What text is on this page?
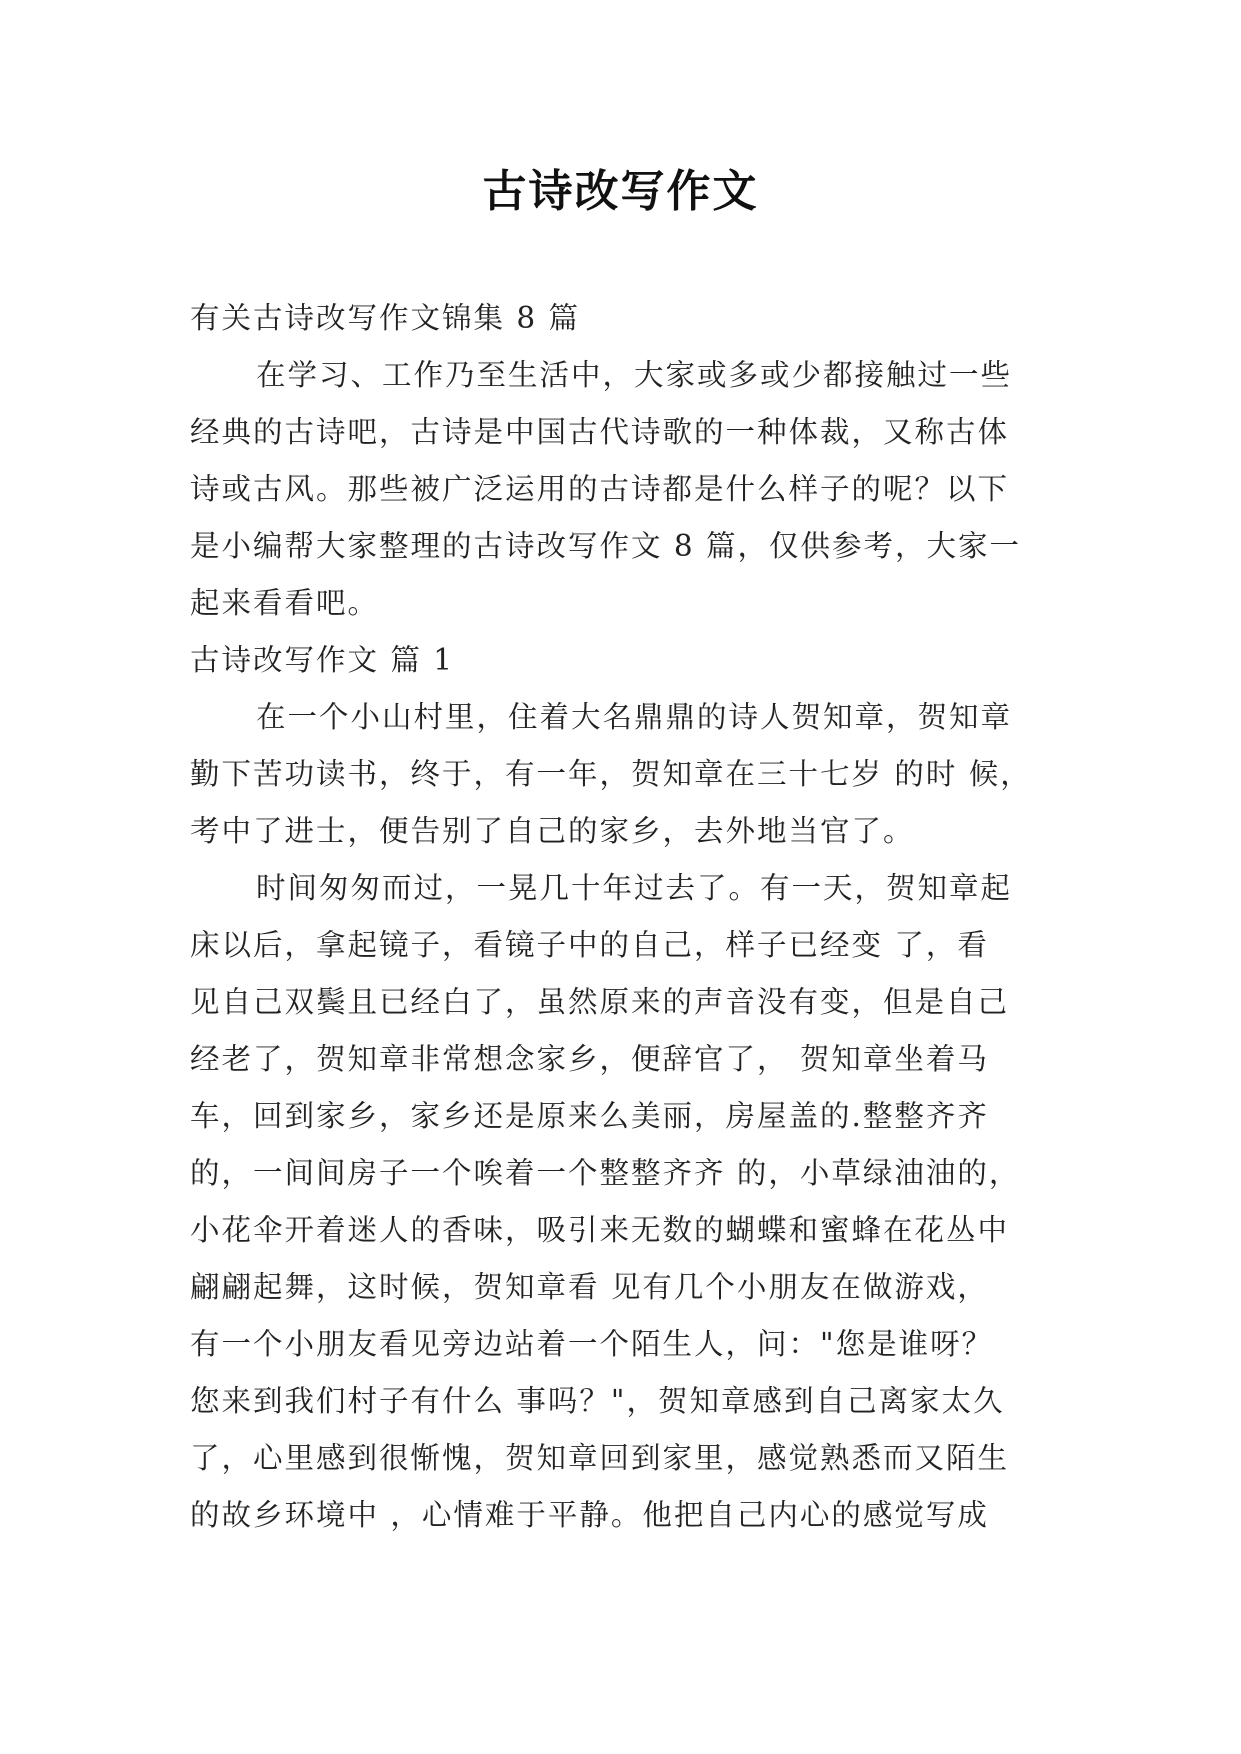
古诗改写作文
有关古诗改写作文锦集 8 篇
在学习、工作乃至生活中，大家或多或少都接触过一些
经典的古诗吧，古诗是中国古代诗歌的一种体裁，又称古体
诗或古风。那些被广泛运用的古诗都是什么样子的呢？以下
是小编帮大家整理的古诗改写作文 8 篇，仅供参考，大家一
起来看看吧。
古诗改写作文 篇 1
在一个小山村里，住着大名鼎鼎的诗人贺知章，贺知章
勤下苦功读书，终于，有一年，贺知章在三十七岁 的时 候，
考中了进士，便告别了自己的家乡，去外地当官了。
时间匆匆而过，一晃几十年过去了。有一天，贺知章起
床以后，拿起镜子，看镜子中的自己，样子已经变 了，看
见自己双鬓且已经白了，虽然原来的声音没有变，但是自己
经老了，贺知章非常想念家乡，便辞官了， 贺知章坐着马
车，回到家乡，家乡还是原来么美丽，房屋盖的.整整齐齐
的，一间间房子一个唉着一个整整齐齐 的，小草绿油油的，
小花伞开着迷人的香味，吸引来无数的蝴蝶和蜜蜂在花丛中
翩翩起舞，这时候，贺知章看 见有几个小朋友在做游戏，
有一个小朋友看见旁边站着一个陌生人，问："您是谁呀？
您来到我们村子有什么 事吗？"，贺知章感到自己离家太久
了，心里感到很惭愧，贺知章回到家里，感觉熟悉而又陌生
的故乡环境中 ，心情难于平静。他把自己内心的感觉写成
